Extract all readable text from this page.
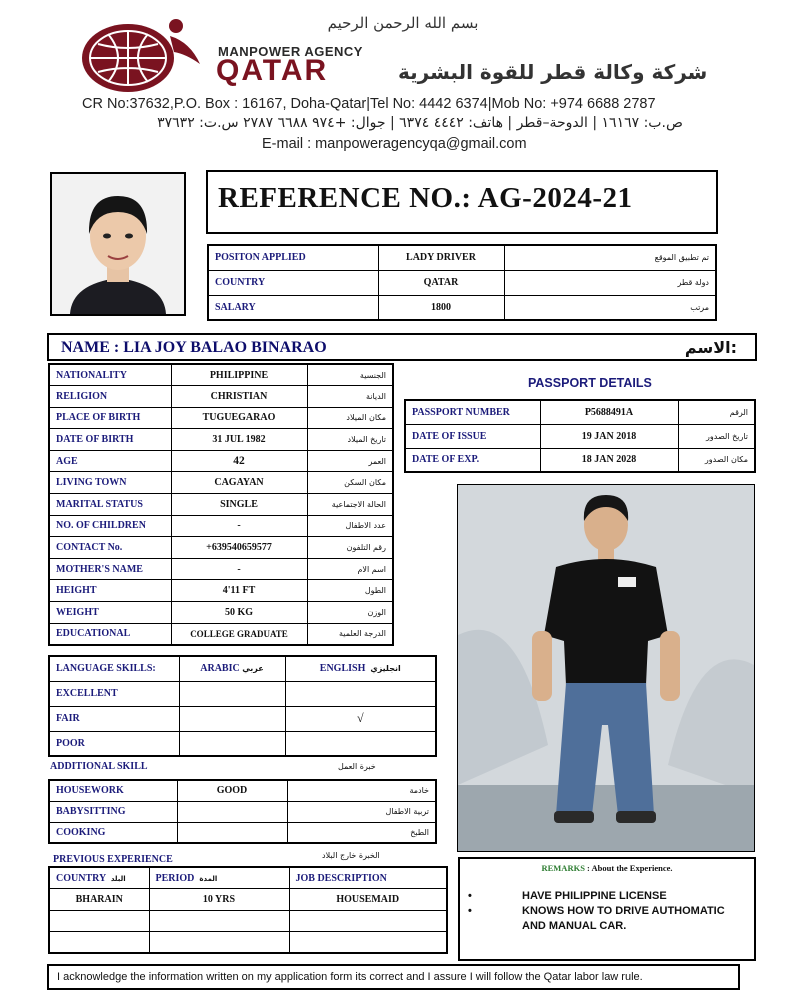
بسم الله الرحمن الرحيم
MANPOWER AGENCY
QATAR	شركة وكالة قطر للقوة البشرية
CR No:37632,P.O. Box : 16167, Doha-Qatar|Tel No: 4442 6374|Mob No: +974 6688 2787
ص.ب: ١٦١٦٧ | الدوحة–قطر | هاتف: ٤٤٤٢ ٦٣٧٤ | جوال: +٩٧٤ ٦٦٨٨ ٢٧٨٧ س.ت: ٣٧٦٣٢
E-mail : manpoweragencyqa@gmail.com
REFERENCE NO.: AG-2024-21
POSITON APPLIED	LADY DRIVER	تم تطبيق الموقع
COUNTRY	QATAR	دولة قطر
SALARY	1800	مرتب
NAME : LIA JOY BALAO BINARAO	الاسم:
NATIONALITY	PHILIPPINE	الجنسية
RELIGION	CHRISTIAN	الديانة
PLACE OF BIRTH	TUGUEGARAO	مكان الميلاد
DATE OF BIRTH	31 JUL 1982	تاريخ الميلاد
AGE	42	العمر
LIVING TOWN	CAGAYAN	مكان السكن
MARITAL STATUS	SINGLE	الحالة الاجتماعية
NO. OF CHILDREN	-	عدد الاطفال
CONTACT No.	+639540659577	رقم التلفون
MOTHER'S NAME	-	اسم الام
HEIGHT	4'11 FT	الطول
WEIGHT	50 KG	الوزن
EDUCATIONAL	COLLEGE GRADUATE	الدرجة العلمية
PASSPORT DETAILS
PASSPORT NUMBER	P5688491A	الرقم
DATE OF ISSUE	19 JAN 2018	تاريخ الصدور
DATE OF EXP.	18 JAN 2028	مكان الصدور
LANGUAGE SKILLS:	ARABIC عربي	ENGLISH انجليزي
EXCELLENT		
FAIR		√
POOR		
ADDITIONAL SKILL	خبرة العمل
HOUSEWORK	GOOD	خادمة
BABYSITTING		تربية الاطفال
COOKING		الطبخ
PREVIOUS EXPERIENCE	الخبرة خارج البلاد
COUNTRY البلد	PERIOD المدة	JOB DESCRIPTION
BHARAIN	10 YRS	HOUSEMAID

REMARKS : About the Experience.
•	HAVE PHILIPPINE LICENSE
•	KNOWS HOW TO DRIVE AUTHOMATIC AND MANUAL CAR.
I acknowledge the information written on my application form its correct and I assure I will follow the Qatar labor law rule.
